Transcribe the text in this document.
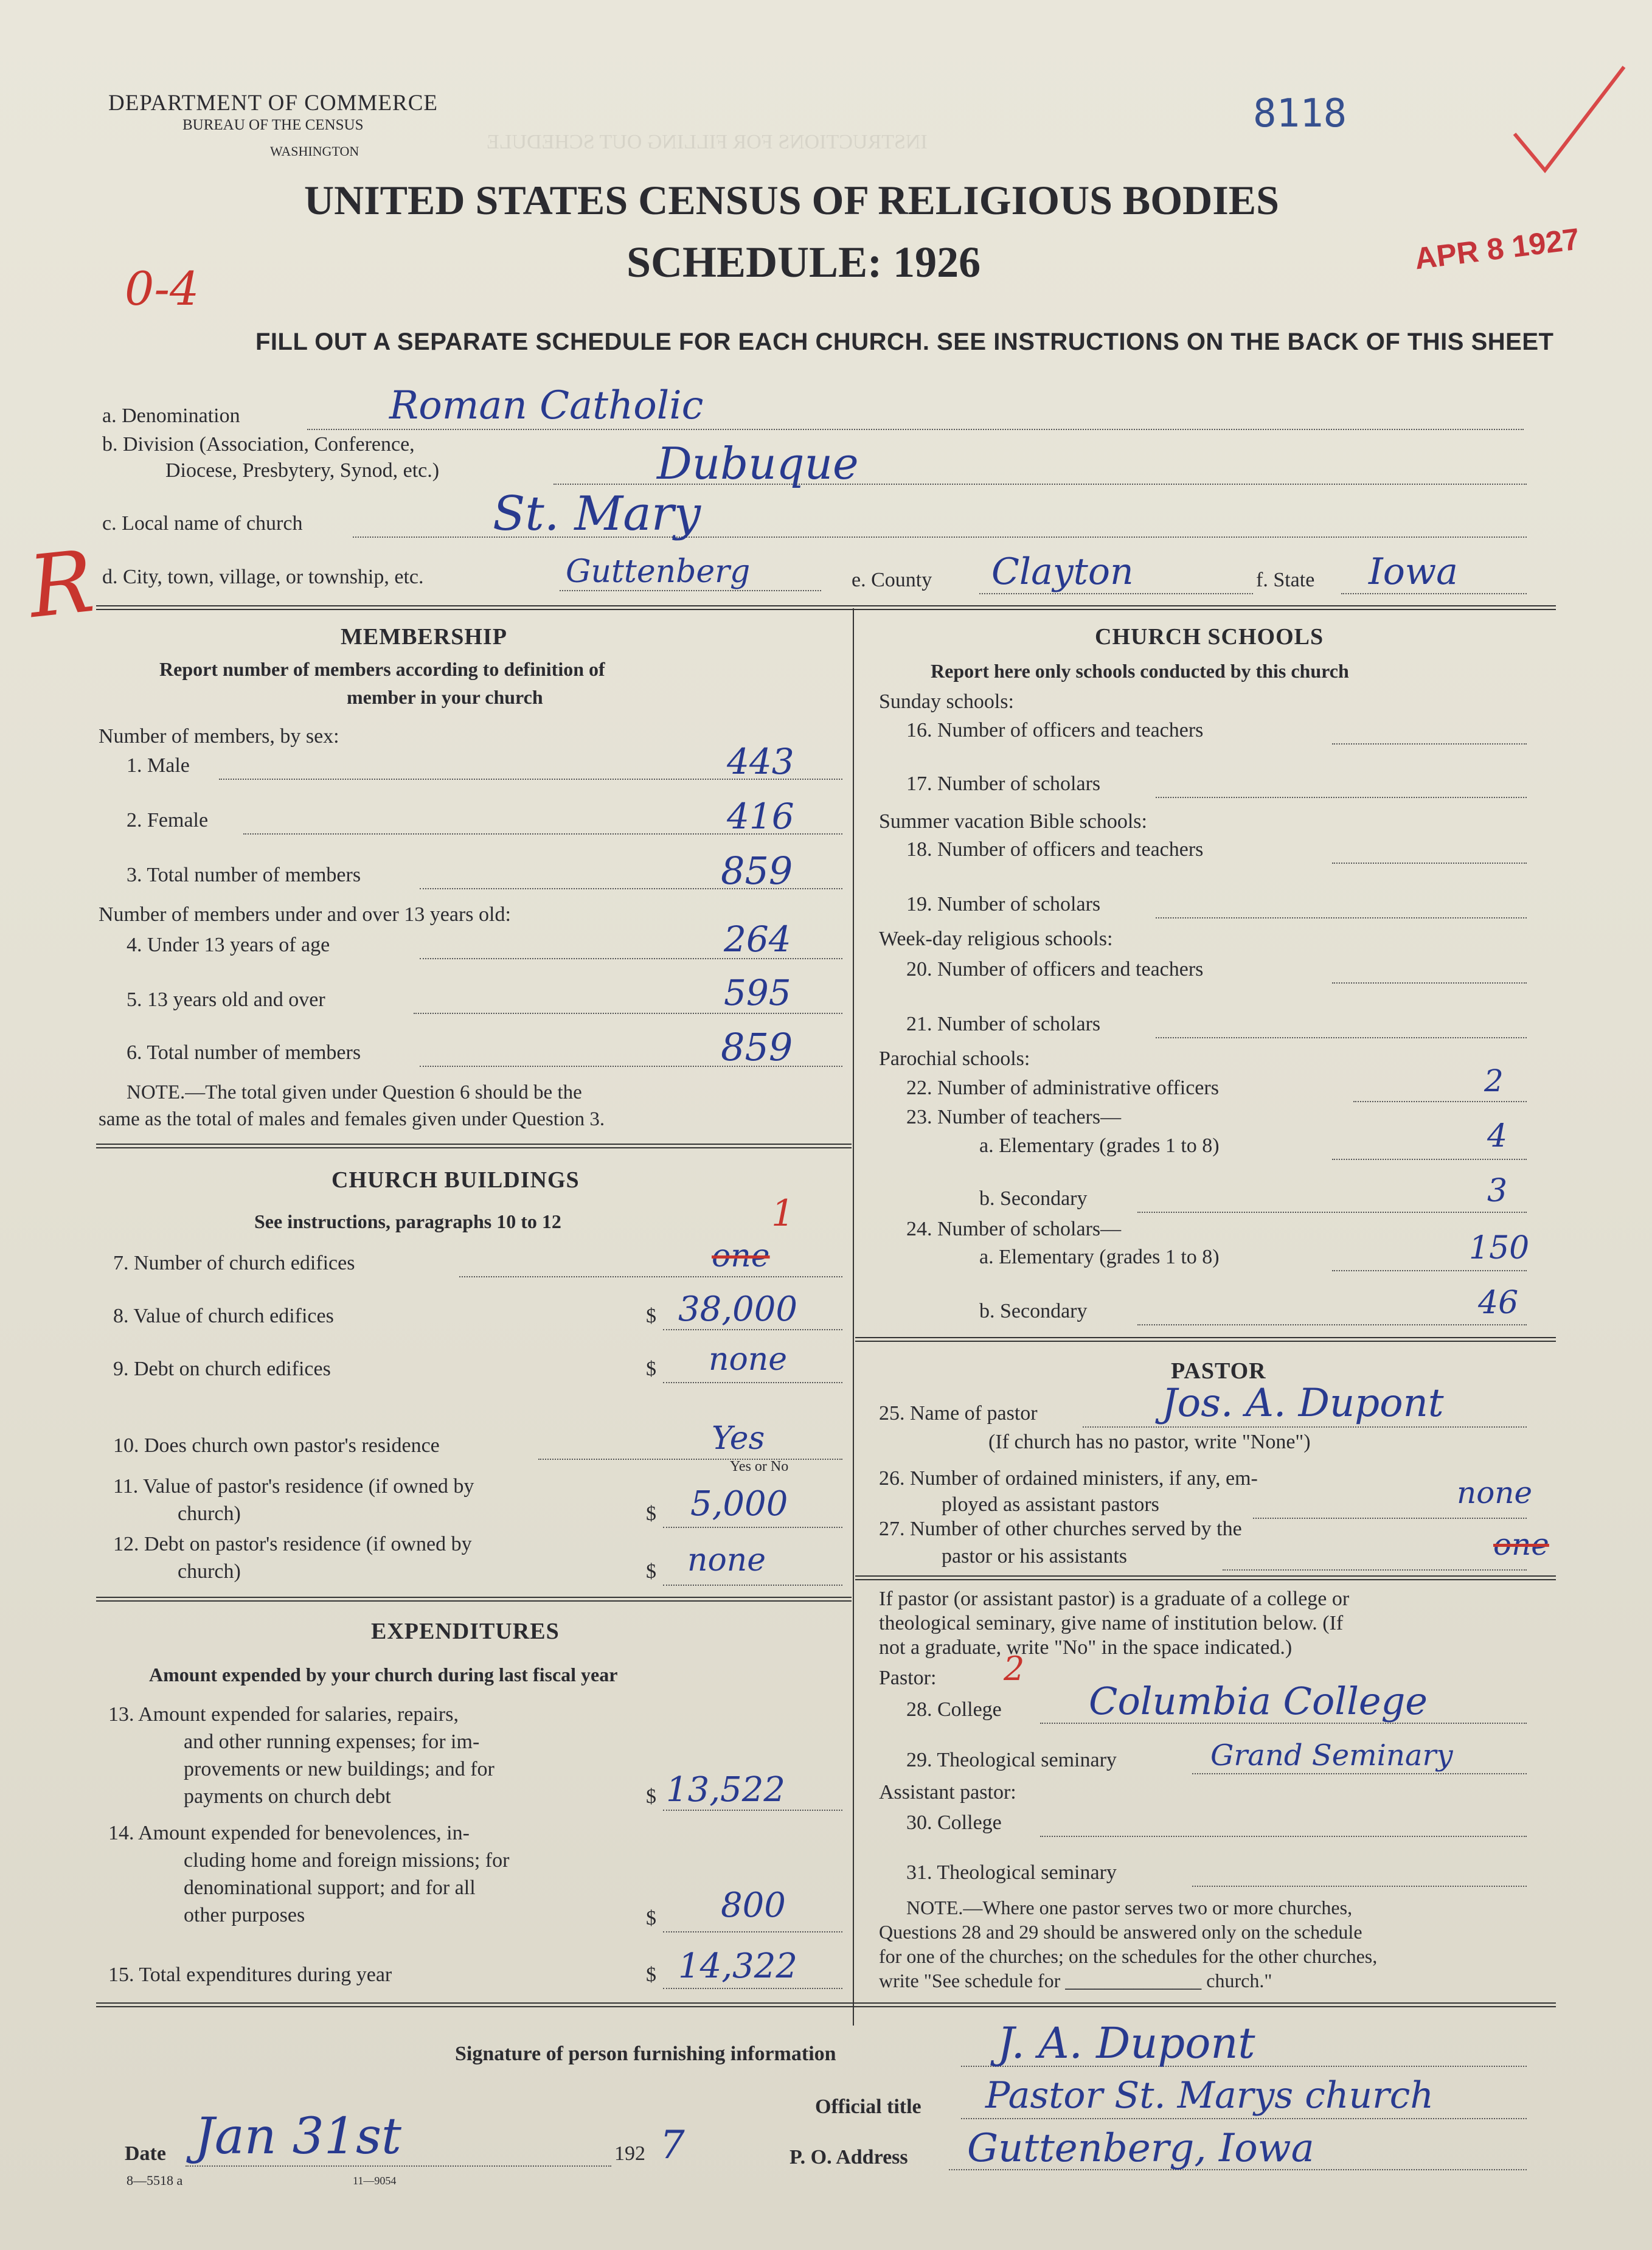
INSTRUCTIONS FOR FILLING OUT SCHEDULE
DEPARTMENT OF COMMERCE
BUREAU OF THE CENSUS
WASHINGTON
8118
UNITED STATES CENSUS OF RELIGIOUS BODIES
SCHEDULE: 1926	APR 8 1927
0-4
R
FILL OUT A SEPARATE SCHEDULE FOR EACH CHURCH. SEE INSTRUCTIONS ON THE BACK OF THIS SHEET
a. Denomination	Roman Catholic
b. Division (Association, Conference,
Diocese, Presbytery, Synod, etc.)	Dubuque
c. Local name of church	St. Mary
d. City, town, village, or township, etc.	Guttenberg	e. County Clayton	f. State Iowa
MEMBERSHIP
Report number of members according to definition of
member in your church
Number of members, by sex:
1. Male	443
2. Female	416
3. Total number of members	859
Number of members under and over 13 years old:
4. Under 13 years of age	264
5. 13 years old and over	595
6. Total number of members	859
NOTE.—The total given under Question 6 should be the
same as the total of males and females given under Question 3.
CHURCH BUILDINGS
See instructions, paragraphs 10 to 12	1
7. Number of church edifices	one
8. Value of church edifices	$ 38,000
9. Debt on church edifices	$ none
10. Does church own pastor's residence	Yes
Yes or No
11. Value of pastor's residence (if owned by
church)	$ 5,000
12. Debt on pastor's residence (if owned by
church)	$ none
EXPENDITURES
Amount expended by your church during last fiscal year
13. Amount expended for salaries, repairs,
and other running expenses; for im-
provements or new buildings; and for
payments on church debt	$ 13,522
14. Amount expended for benevolences, in-
cluding home and foreign missions; for
denominational support; and for all
other purposes	$ 800
15. Total expenditures during year	$ 14,322
CHURCH SCHOOLS
Report here only schools conducted by this church
Sunday schools:
16. Number of officers and teachers
17. Number of scholars
Summer vacation Bible schools:
18. Number of officers and teachers
19. Number of scholars
Week-day religious schools:
20. Number of officers and teachers
21. Number of scholars
Parochial schools:
22. Number of administrative officers	2
23. Number of teachers—
a. Elementary (grades 1 to 8)	4
b. Secondary	3
24. Number of scholars—
a. Elementary (grades 1 to 8)	150
b. Secondary	46
PASTOR
25. Name of pastor	Jos. A. Dupont
(If church has no pastor, write "None")
26. Number of ordained ministers, if any, em-
ployed as assistant pastors	none
27. Number of other churches served by the
pastor or his assistants	one
If pastor (or assistant pastor) is a graduate of a college or
theological seminary, give name of institution below. (If
not a graduate, write "No" in the space indicated.)
Pastor: 2
28. College Columbia College
29. Theological seminary	Grand Seminary
Assistant pastor:
30. College
31. Theological seminary
NOTE.—Where one pastor serves two or more churches,
Questions 28 and 29 should be answered only on the schedule
for one of the churches; on the schedules for the other churches,
write "See schedule for ______________ church."
Signature of person furnishing information	J. A. Dupont
Official title Pastor St. Marys church
Date Jan 31st	192 7	P. O. Address Guttenberg, Iowa
8—5518 a	11—9054
